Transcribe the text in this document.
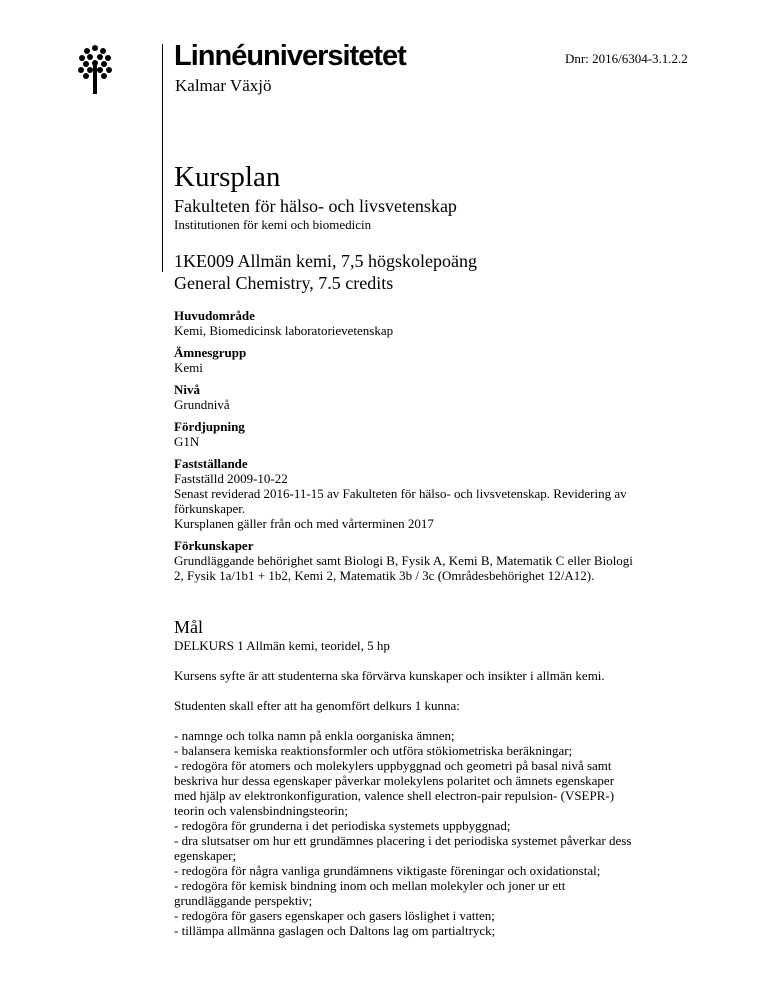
Linnéuniversitetet
Kalmar Växjö
Dnr: 2016/6304-3.1.2.2
Kursplan
Fakulteten för hälso- och livsvetenskap
Institutionen för kemi och biomedicin
1KE009 Allmän kemi, 7,5 högskolepoäng
General Chemistry, 7.5 credits
Huvudområde
Kemi, Biomedicinsk laboratorievetenskap
Ämnesgrupp
Kemi
Nivå
Grundnivå
Fördjupning
G1N
Fastställande
Fastställd 2009-10-22
Senast reviderad 2016-11-15 av Fakulteten för hälso- och livsvetenskap. Revidering av
förkunskaper.
Kursplanen gäller från och med vårterminen 2017
Förkunskaper
Grundläggande behörighet samt Biologi B, Fysik A, Kemi B, Matematik C eller Biologi
2, Fysik 1a/1b1 + 1b2, Kemi 2, Matematik 3b / 3c (Områdesbehörighet 12/A12).
Mål
DELKURS 1 Allmän kemi, teoridel, 5 hp
Kursens syfte är att studenterna ska förvärva kunskaper och insikter i allmän kemi.
Studenten skall efter att ha genomfört delkurs 1 kunna:
- namnge och tolka namn på enkla oorganiska ämnen;
- balansera kemiska reaktionsformler och utföra stökiometriska beräkningar;
- redogöra för atomers och molekylers uppbyggnad och geometri på basal nivå samt
beskriva hur dessa egenskaper påverkar molekylens polaritet och ämnets egenskaper
med hjälp av elektronkonfiguration, valence shell electron-pair repulsion- (VSEPR-)
teorin och valensbindningsteorin;
- redogöra för grunderna i det periodiska systemets uppbyggnad;
- dra slutsatser om hur ett grundämnes placering i det periodiska systemet påverkar dess
egenskaper;
- redogöra för några vanliga grundämnens viktigaste föreningar och oxidationstal;
- redogöra för kemisk bindning inom och mellan molekyler och joner ur ett
grundläggande perspektiv;
- redogöra för gasers egenskaper och gasers löslighet i vatten;
- tillämpa allmänna gaslagen och Daltons lag om partialtryck;
